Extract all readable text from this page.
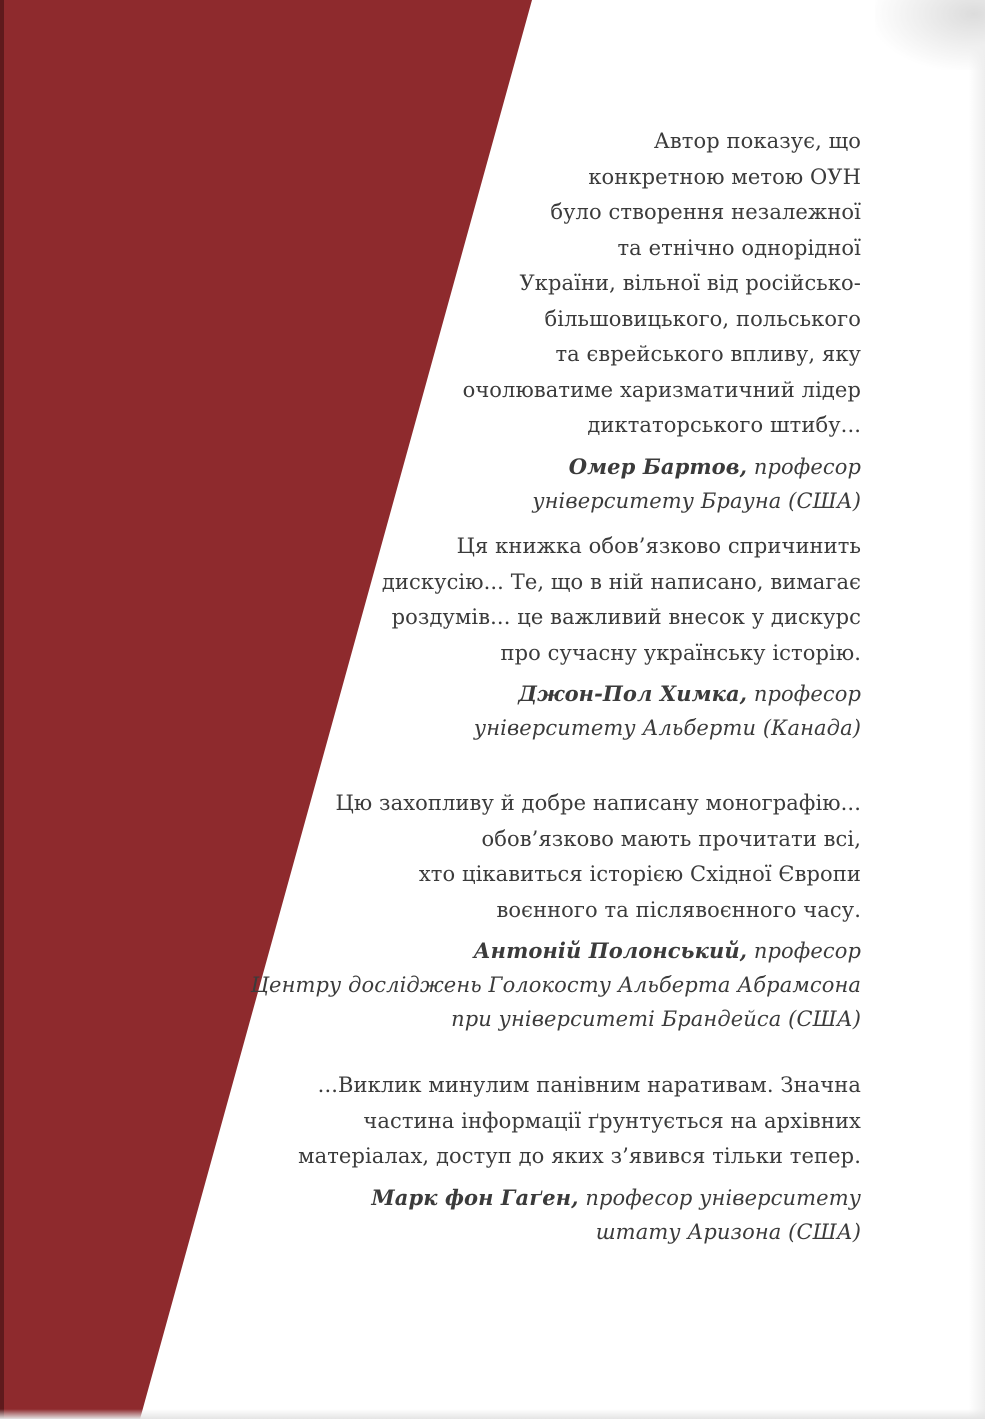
Автор показує, що
конкретною метою ОУН
було створення незалежної
та етнічно однорідної
України, вільної від російсько-
більшовицького, польського
та єврейського впливу, яку
очолюватиме харизматичний лідер
диктаторського штибу...
Омер Бартов, професор
університету Брауна (США)
Ця книжка обов’язково спричинить
дискусію... Те, що в ній написано, вимагає
роздумів... це важливий внесок у дискурс
про сучасну українську історію.
Джон-Пол Химка, професор
університету Альберти (Канада)
Цю захопливу й добре написану монографію...
обов’язково мають прочитати всі,
хто цікавиться історією Східної Європи
воєнного та післявоєнного часу.
Антоній Полонський, професор
Центру досліджень Голокосту Альберта Абрамсона
при університеті Брандейса (США)
...Виклик минулим панівним наративам. Значна
частина інформації ґрунтується на архівних
матеріалах, доступ до яких з’явився тільки тепер.
Марк фон Гаґен, професор університету
штату Аризона (США)
